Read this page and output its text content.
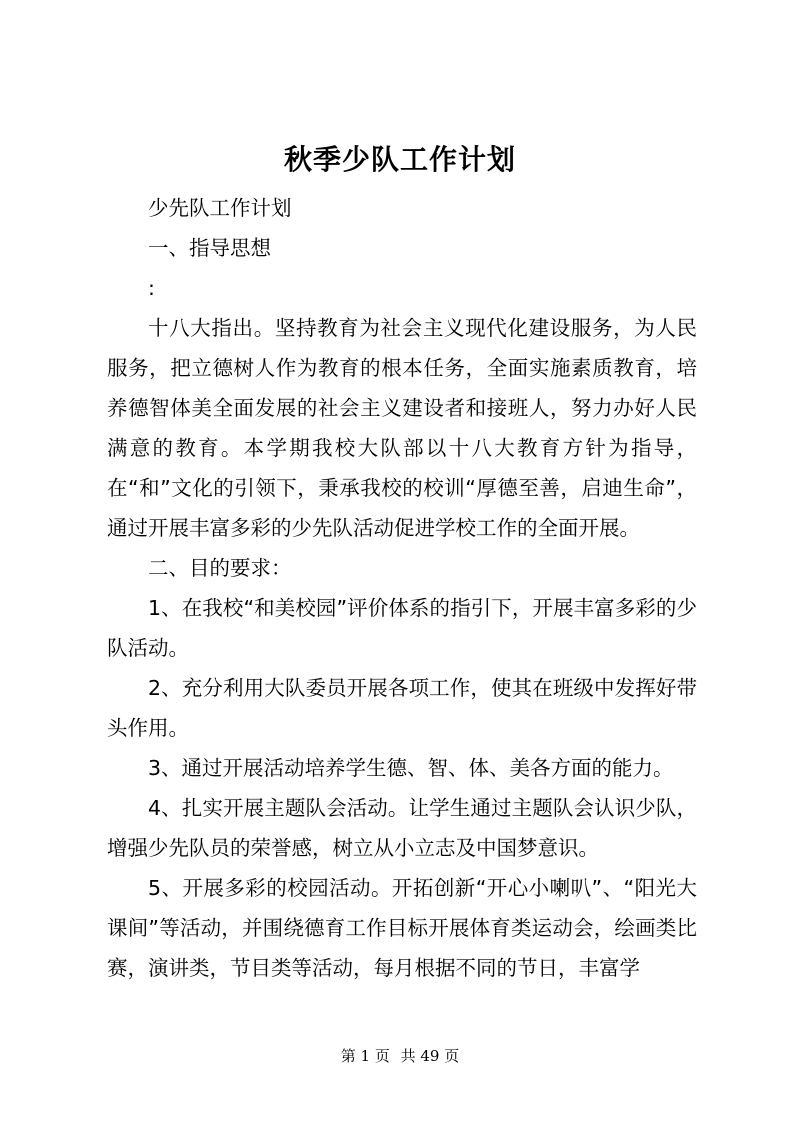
秋季少队工作计划

少先队工作计划

一、指导思想

:

十八大指出。坚持教育为社会主义现代化建设服务，为人民服务，把立德树人作为教育的根本任务，全面实施素质教育，培养德智体美全面发展的社会主义建设者和接班人，努力办好人民满意的教育。本学期我校大队部以十八大教育方针为指导，在“和”文化的引领下，秉承我校的校训“厚德至善，启迪生命”，通过开展丰富多彩的少先队活动促进学校工作的全面开展。

二、目的要求：

1、在我校“和美校园”评价体系的指引下，开展丰富多彩的少队活动。

2、充分利用大队委员开展各项工作，使其在班级中发挥好带头作用。

3、通过开展活动培养学生德、智、体、美各方面的能力。

4、扎实开展主题队会活动。让学生通过主题队会认识少队，增强少先队员的荣誉感，树立从小立志及中国梦意识。

5、开展多彩的校园活动。开拓创新“开心小喇叭”、“阳光大课间”等活动，并围绕德育工作目标开展体育类运动会，绘画类比赛，演讲类，节目类等活动，每月根据不同的节日，丰富学

第 1 页 共 49 页
